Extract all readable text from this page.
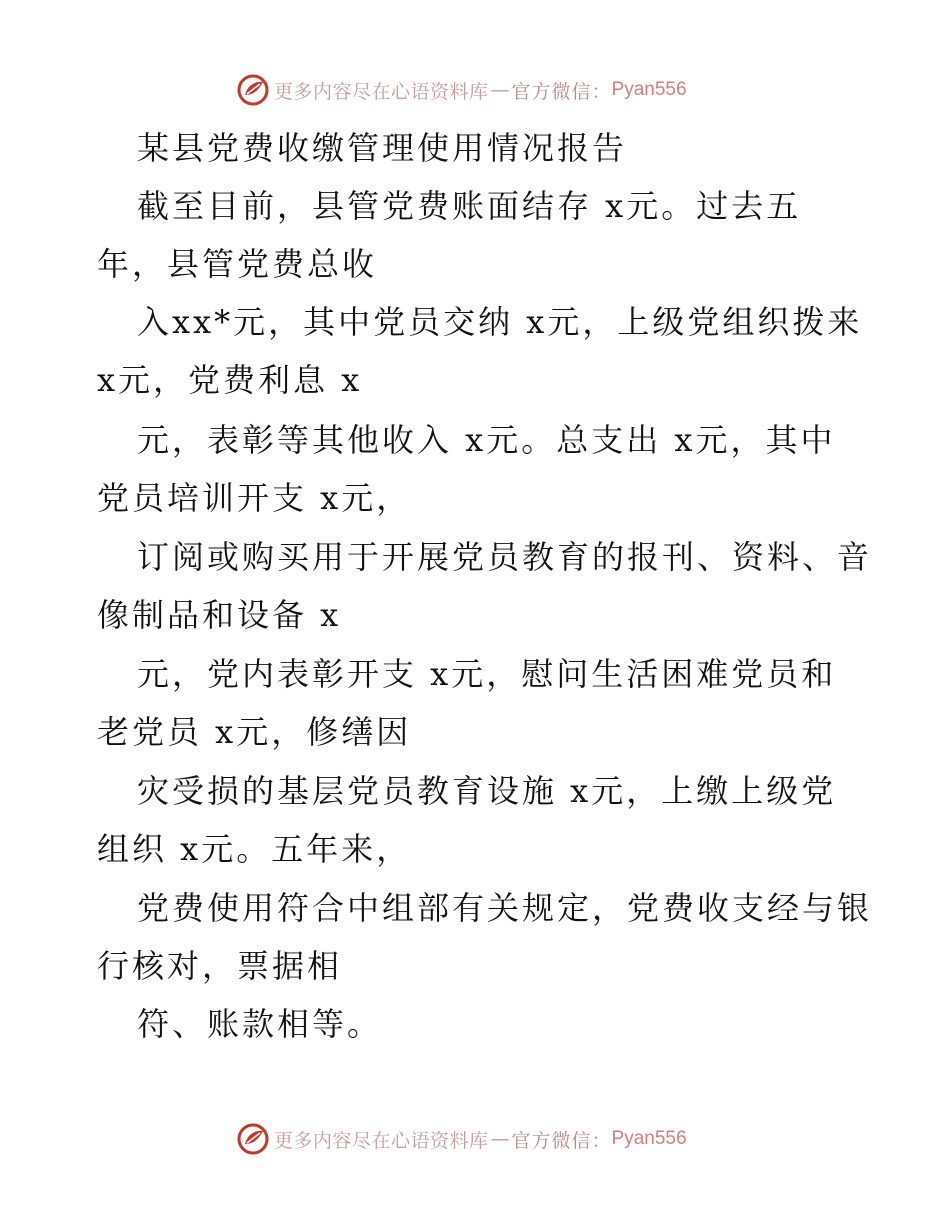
更多内容尽在心语资料库 — 官方微信： Pyan556
某县党费收缴管理使用情况报告
截至目前，县管党费账面结存 x元。过去五
年，县管党费总收
入xx*元，其中党员交纳 x元，上级党组织拨来
x元，党费利息 x
元，表彰等其他收入 x元。总支出 x元，其中
党员培训开支 x元，
订阅或购买用于开展党员教育的报刊、资料、音
像制品和设备 x
元，党内表彰开支 x元，慰问生活困难党员和
老党员 x元，修缮因
灾受损的基层党员教育设施 x元，上缴上级党
组织 x元。五年来，
党费使用符合中组部有关规定，党费收支经与银
行核对，票据相
符、账款相等。
更多内容尽在心语资料库 — 官方微信： Pyan556
